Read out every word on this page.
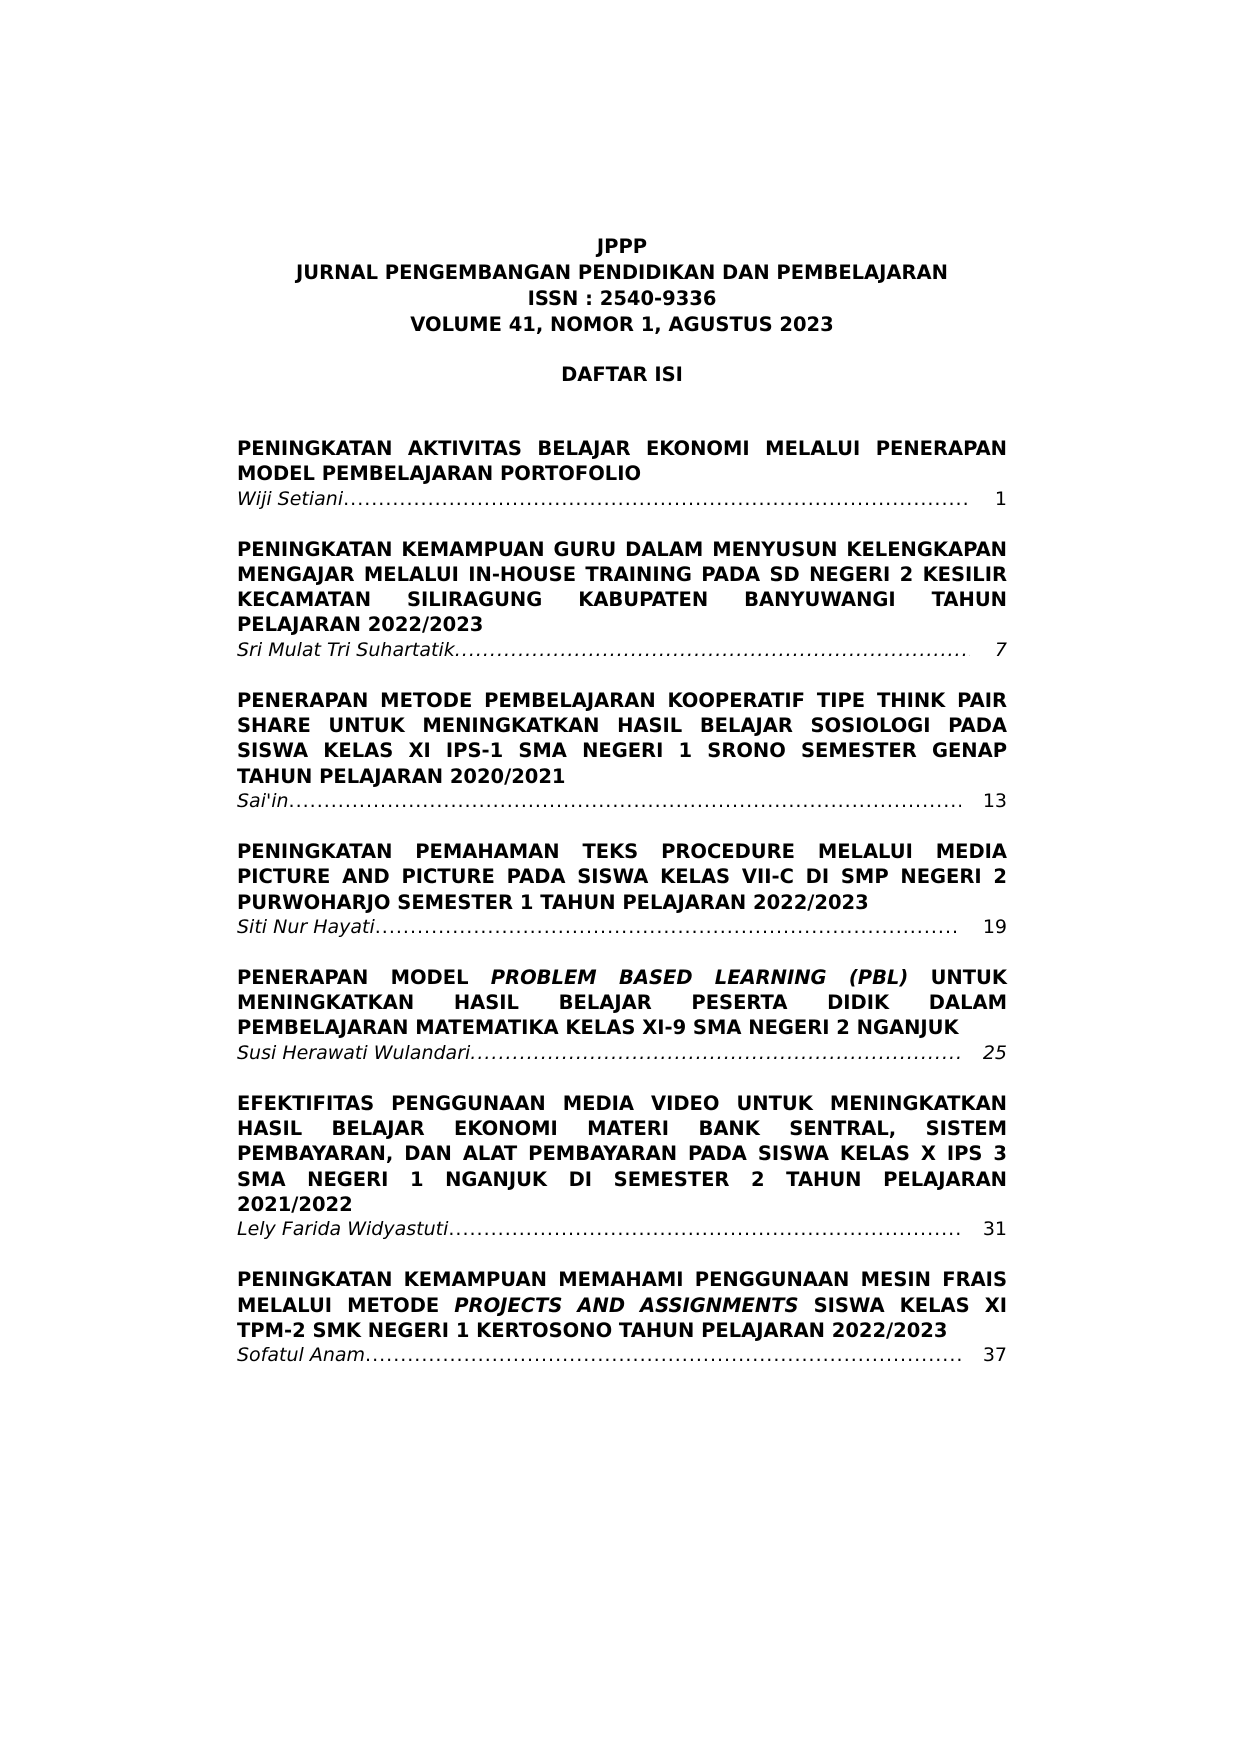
JPPP
JURNAL PENGEMBANGAN PENDIDIKAN DAN PEMBELAJARAN
ISSN : 2540-9336
VOLUME 41, NOMOR 1, AGUSTUS 2023
DAFTAR ISI
PENINGKATAN AKTIVITAS BELAJAR EKONOMI MELALUI PENERAPAN MODEL PEMBELAJARAN PORTOFOLIO
Wiji Setiani .....	1
PENINGKATAN KEMAMPUAN GURU DALAM MENYUSUN KELENGKAPAN MENGAJAR MELALUI IN-HOUSE TRAINING PADA SD NEGERI 2 KESILIR KECAMATAN SILIRAGUNG KABUPATEN BANYUWANGI TAHUN PELAJARAN 2022/2023
Sri Mulat Tri Suhartatik .....	7
PENERAPAN METODE PEMBELAJARAN KOOPERATIF TIPE THINK PAIR SHARE UNTUK MENINGKATKAN HASIL BELAJAR SOSIOLOGI PADA SISWA KELAS XI IPS-1 SMA NEGERI 1 SRONO SEMESTER GENAP TAHUN PELAJARAN 2020/2021
Sai'in .....	13
PENINGKATAN PEMAHAMAN TEKS PROCEDURE MELALUI MEDIA PICTURE AND PICTURE PADA SISWA KELAS VII-C DI SMP NEGERI 2 PURWOHARJO SEMESTER 1 TAHUN PELAJARAN 2022/2023
Siti Nur Hayati .....	19
PENERAPAN MODEL PROBLEM BASED LEARNING (PBL) UNTUK MENINGKATKAN HASIL BELAJAR PESERTA DIDIK DALAM PEMBELAJARAN MATEMATIKA KELAS XI-9 SMA NEGERI 2 NGANJUK
Susi Herawati Wulandari .....	25
EFEKTIFITAS PENGGUNAAN MEDIA VIDEO UNTUK MENINGKATKAN HASIL BELAJAR EKONOMI MATERI BANK SENTRAL, SISTEM PEMBAYARAN, DAN ALAT PEMBAYARAN PADA SISWA KELAS X IPS 3 SMA NEGERI 1 NGANJUK DI SEMESTER 2 TAHUN PELAJARAN 2021/2022
Lely Farida Widyastuti .....	31
PENINGKATAN KEMAMPUAN MEMAHAMI PENGGUNAAN MESIN FRAIS MELALUI METODE PROJECTS AND ASSIGNMENTS SISWA KELAS XI TPM-2 SMK NEGERI 1 KERTOSONO TAHUN PELAJARAN 2022/2023
Sofatul Anam .....	37
